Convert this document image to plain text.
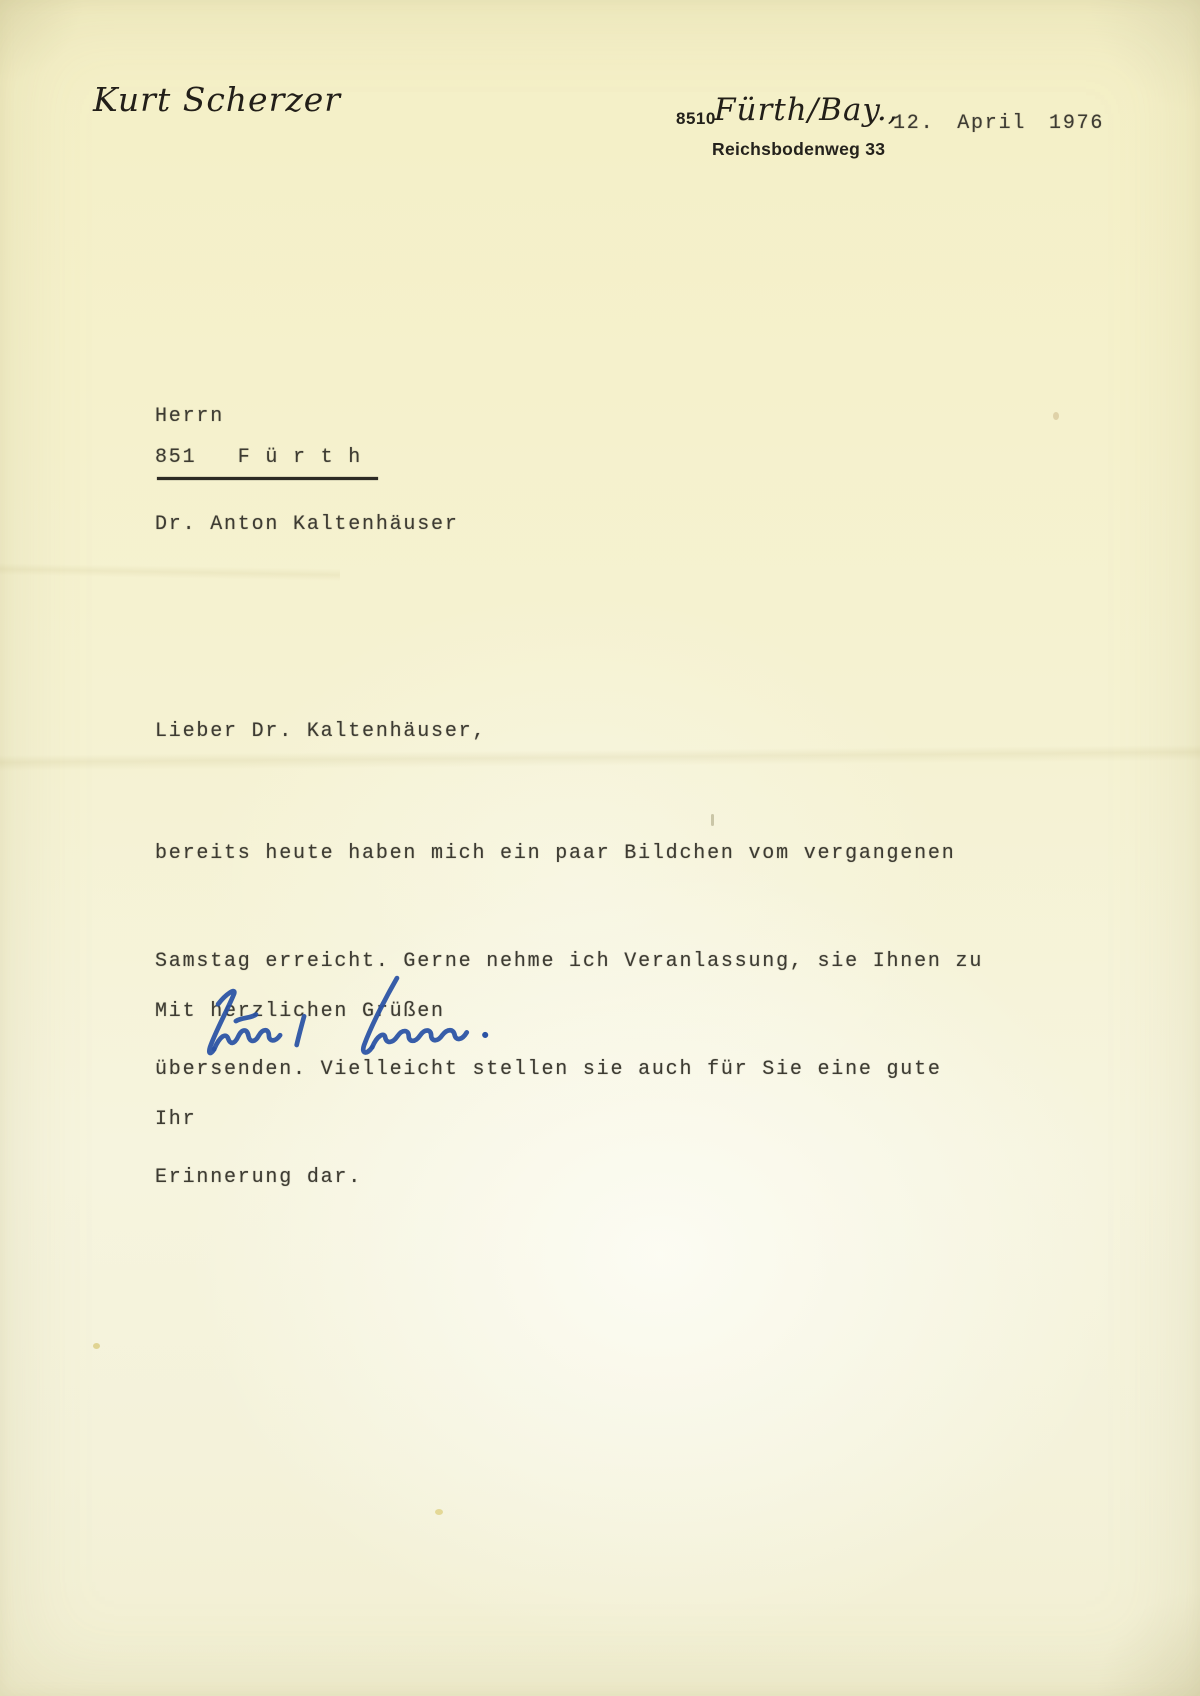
Kurt Scherzer	8510
Fürth/Bay.,
12. April 1976
Reichsbodenweg 33

Herrn

Dr. Anton Kaltenhäuser

851   F ü r t h
Lieber Dr. Kaltenhäuser,

bereits heute haben mich ein paar Bildchen vom vergangenen

Samstag erreicht. Gerne nehme ich Veranlassung, sie Ihnen zu

übersenden. Vielleicht stellen sie auch für Sie eine gute

Erinnerung dar.

Mit herzlichen Grüßen

Ihr
